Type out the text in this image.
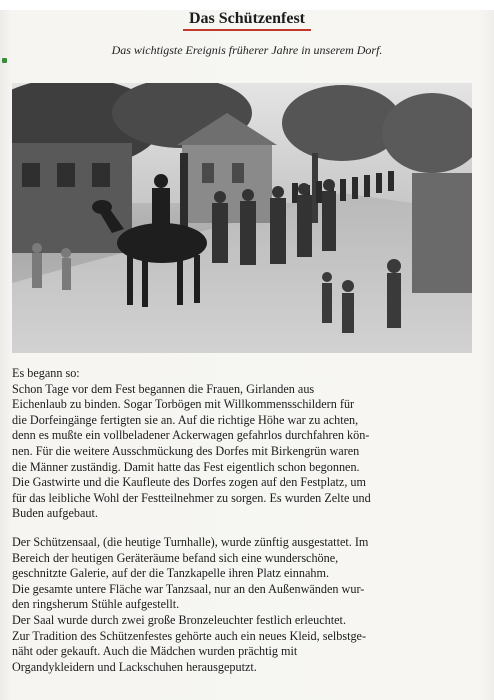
Das Schützenfest
Das wichtigste Ereignis früherer Jahre in unserem Dorf.

Es begann so:

Schon Tage vor dem Fest begannen die Frauen, Girlanden aus

Eichenlaub zu binden. Sogar Torbögen mit Willkommensschildern für

die Dorfeingänge fertigten sie an. Auf die richtige Höhe war zu achten,

denn es mußte ein vollbeladener Ackerwagen gefahrlos durchfahren kön-

nen. Für die weitere Ausschmückung des Dorfes mit Birkengrün waren

die Männer zuständig. Damit hatte das Fest eigentlich schon begonnen.

Die Gastwirte und die Kaufleute des Dorfes zogen auf den Festplatz, um

für das leibliche Wohl der Festteilnehmer zu sorgen. Es wurden Zelte und

Buden aufgebaut.

Der Schützensaal, (die heutige Turnhalle), wurde zünftig ausgestattet. Im

Bereich der heutigen Geräteräume befand sich eine wunderschöne,

geschnitzte Galerie, auf der die Tanzkapelle ihren Platz einnahm.

Die gesamte untere Fläche war Tanzsaal, nur an den Außenwänden wur-

den ringsherum Stühle aufgestellt.

Der Saal wurde durch zwei große Bronzeleuchter festlich erleuchtet.

Zur Tradition des Schützenfestes gehörte auch ein neues Kleid, selbstge-

näht oder gekauft. Auch die Mädchen wurden prächtig mit

Organdykleidern und Lackschuhen herausgeputzt.
